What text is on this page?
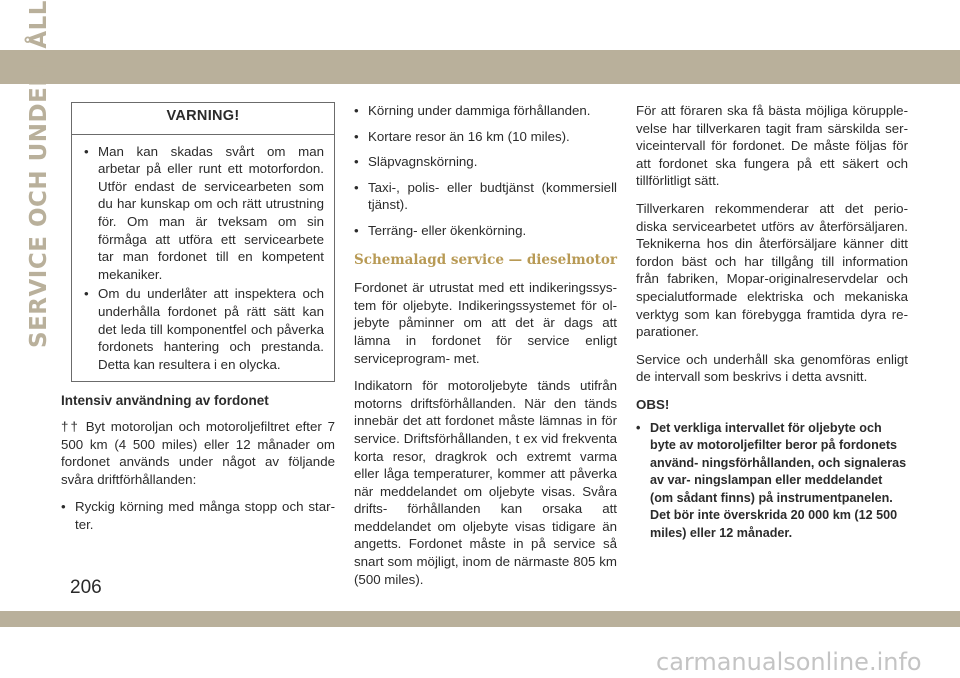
SERVICE OCH UNDERHÅLL	VARNING!
• Man kan skadas svårt om man arbetar på eller runt ett motorfordon. Utför endast de servicearbeten som du har kunskap om och rätt utrustning för. Om man är tveksam om sin förmåga att utföra ett servicearbete tar man fordonet till en kompetent mekaniker.
• Om du underlåter att inspektera och underhålla fordonet på rätt sätt kan det leda till komponentfel och påverka fordonets hantering och prestanda. Detta kan resultera i en olycka.
Intensiv användning av fordonet

†† Byt motoroljan och motoroljefiltret efter 7 500 km (4 500 miles) eller 12 månader om fordonet används under något av följande svåra driftförhållanden:

• Ryckig körning med många stopp och star- ter.
• Körning under dammiga förhållanden.
• Kortare resor än 16 km (10 miles).
• Släpvagnskörning.
• Taxi-, polis- eller budtjänst (kommersiell tjänst).
• Terräng- eller ökenkörning.
Schemalagd service — dieselmotor

Fordonet är utrustat med ett indikeringssys- tem för oljebyte. Indikeringssystemet för ol- jebyte påminner om att det är dags att lämna in fordonet för service enligt serviceprogram- met.

Indikatorn för motoroljebyte tänds utifrån motorns driftsförhållanden. När den tänds innebär det att fordonet måste lämnas in för service. Driftsförhållanden, t ex vid frekventa korta resor, dragkrok och extremt varma eller låga temperaturer, kommer att påverka när meddelandet om oljebyte visas. Svåra drifts- förhållanden kan orsaka att meddelandet om oljebyte visas tidigare än angetts. Fordonet måste in på service så snart som möjligt, inom de närmaste 805 km (500 miles).

För att föraren ska få bästa möjliga körupple- velse har tillverkaren tagit fram särskilda ser- viceintervall för fordonet. De måste följas för att fordonet ska fungera på ett säkert och tillförlitligt sätt.

Tillverkaren rekommenderar att det perio- diska servicearbetet utförs av återförsäljaren. Teknikerna hos din återförsäljare känner ditt fordon bäst och har tillgång till information från fabriken, Mopar-originalreservdelar och specialutformade elektriska och mekaniska verktyg som kan förebygga framtida dyra re- parationer.

Service och underhåll ska genomföras enligt de intervall som beskrivs i detta avsnitt.

OBS!
• Det verkliga intervallet för oljebyte och byte av motoroljefilter beror på fordonets använd- ningsförhållanden, och signaleras av var- ningslampan eller meddelandet (om sådant finns) på instrumentpanelen. Det bör inte överskrida 20 000 km (12 500 miles) eller 12 månader.
206
carmanualsonline.info
